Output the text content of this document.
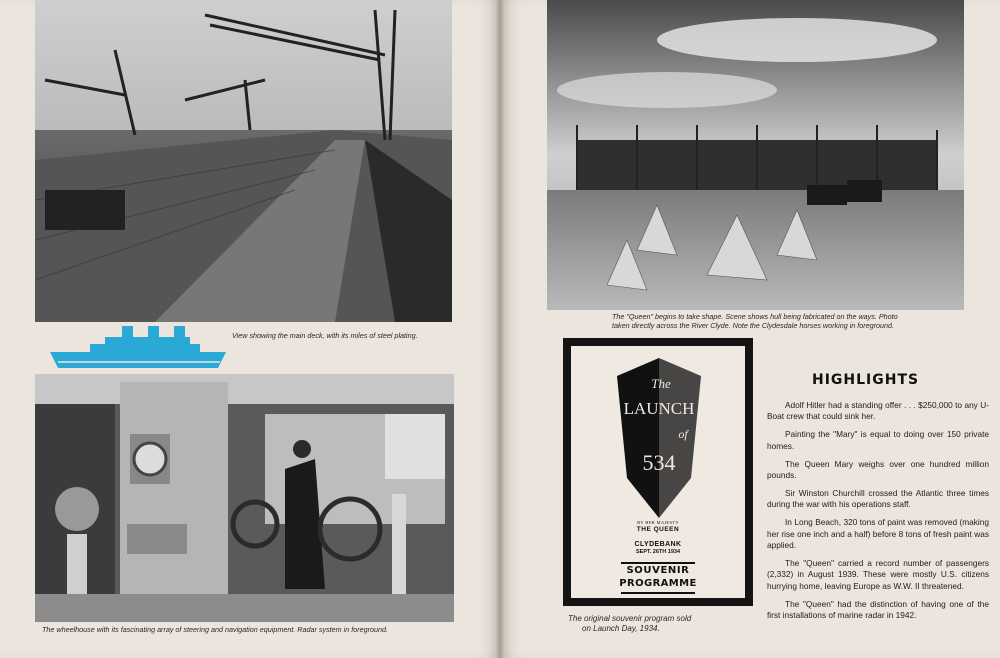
View showing the main deck, with its miles of steel plating.
The wheelhouse with its fascinating array of steering and navigation equipment. Radar system in foreground.
The "Queen" begins to take shape. Scene shows hull being fabricated on the ways. Photo
taken directly across the River Clyde. Note the Clydesdale horses working in foreground.
The
LAUNCH
of
534
BY HER MAJESTY
THE QUEEN
CLYDEBANK
SEPT. 26TH 1934
SOUVENIR
PROGRAMME
The original souvenir program sold
on Launch Day, 1934.
HIGHLIGHTS
Adolf Hitler had a standing offer . . . $250,000 to any U-Boat crew that could sink her.
Painting the "Mary" is equal to doing over 150 private homes.
The Queen Mary weighs over one hundred million pounds.
Sir Winston Churchill crossed the Atlantic three times during the war with his operations staff.
In Long Beach, 320 tons of paint was removed (making her rise one inch and a half) before 8 tons of fresh paint was applied.
The "Queen" carried a record number of passengers (2,332) in August 1939. These were mostly U.S. citizens hurrying home, leaving Europe as W.W. II threatened.
The "Queen" had the distinction of having one of the first installations of marine radar in 1942.
